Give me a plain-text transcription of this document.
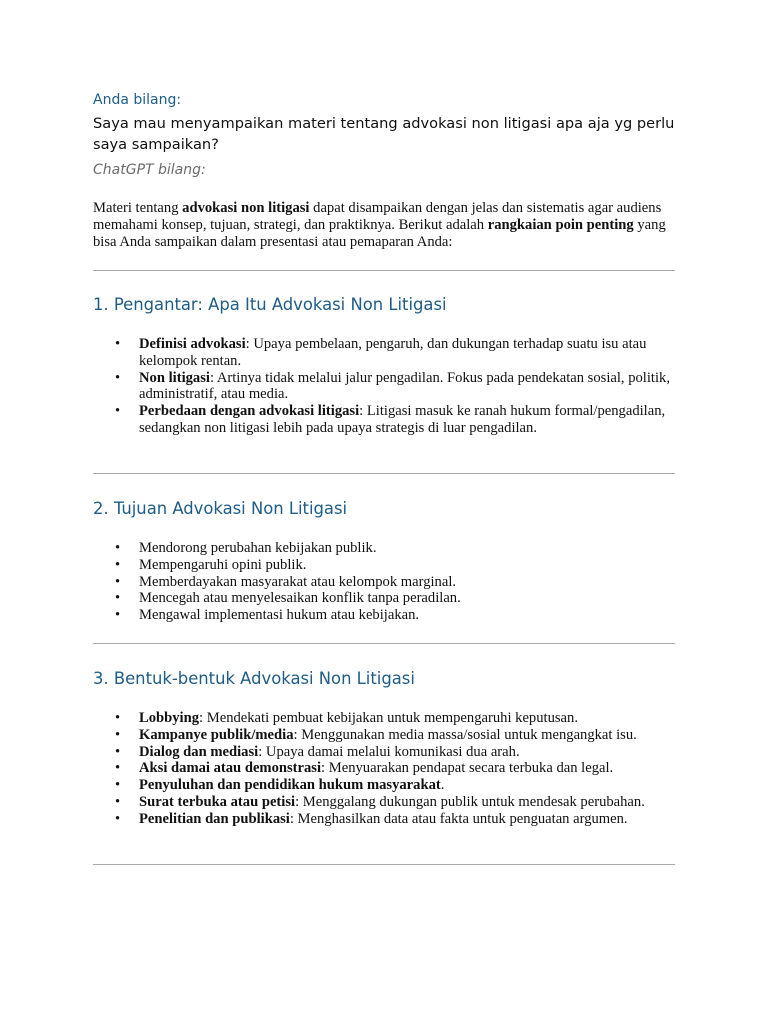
Anda bilang:
Saya mau menyampaikan materi tentang advokasi non litigasi apa aja yg perlu saya sampaikan?
ChatGPT bilang:

Materi tentang advokasi non litigasi dapat disampaikan dengan jelas dan sistematis agar audiens memahami konsep, tujuan, strategi, dan praktiknya. Berikut adalah rangkaian poin penting yang bisa Anda sampaikan dalam presentasi atau pemaparan Anda:

1. Pengantar: Apa Itu Advokasi Non Litigasi
• Definisi advokasi: Upaya pembelaan, pengaruh, dan dukungan terhadap suatu isu atau kelompok rentan.
• Non litigasi: Artinya tidak melalui jalur pengadilan. Fokus pada pendekatan sosial, politik, administratif, atau media.
• Perbedaan dengan advokasi litigasi: Litigasi masuk ke ranah hukum formal/pengadilan, sedangkan non litigasi lebih pada upaya strategis di luar pengadilan.
2. Tujuan Advokasi Non Litigasi
• Mendorong perubahan kebijakan publik.
• Mempengaruhi opini publik.
• Memberdayakan masyarakat atau kelompok marginal.
• Mencegah atau menyelesaikan konflik tanpa peradilan.
• Mengawal implementasi hukum atau kebijakan.
3. Bentuk-bentuk Advokasi Non Litigasi
• Lobbying: Mendekati pembuat kebijakan untuk mempengaruhi keputusan.
• Kampanye publik/media: Menggunakan media massa/sosial untuk mengangkat isu.
• Dialog dan mediasi: Upaya damai melalui komunikasi dua arah.
• Aksi damai atau demonstrasi: Menyuarakan pendapat secara terbuka dan legal.
• Penyuluhan dan pendidikan hukum masyarakat.
• Surat terbuka atau petisi: Menggalang dukungan publik untuk mendesak perubahan.
• Penelitian dan publikasi: Menghasilkan data atau fakta untuk penguatan argumen.
